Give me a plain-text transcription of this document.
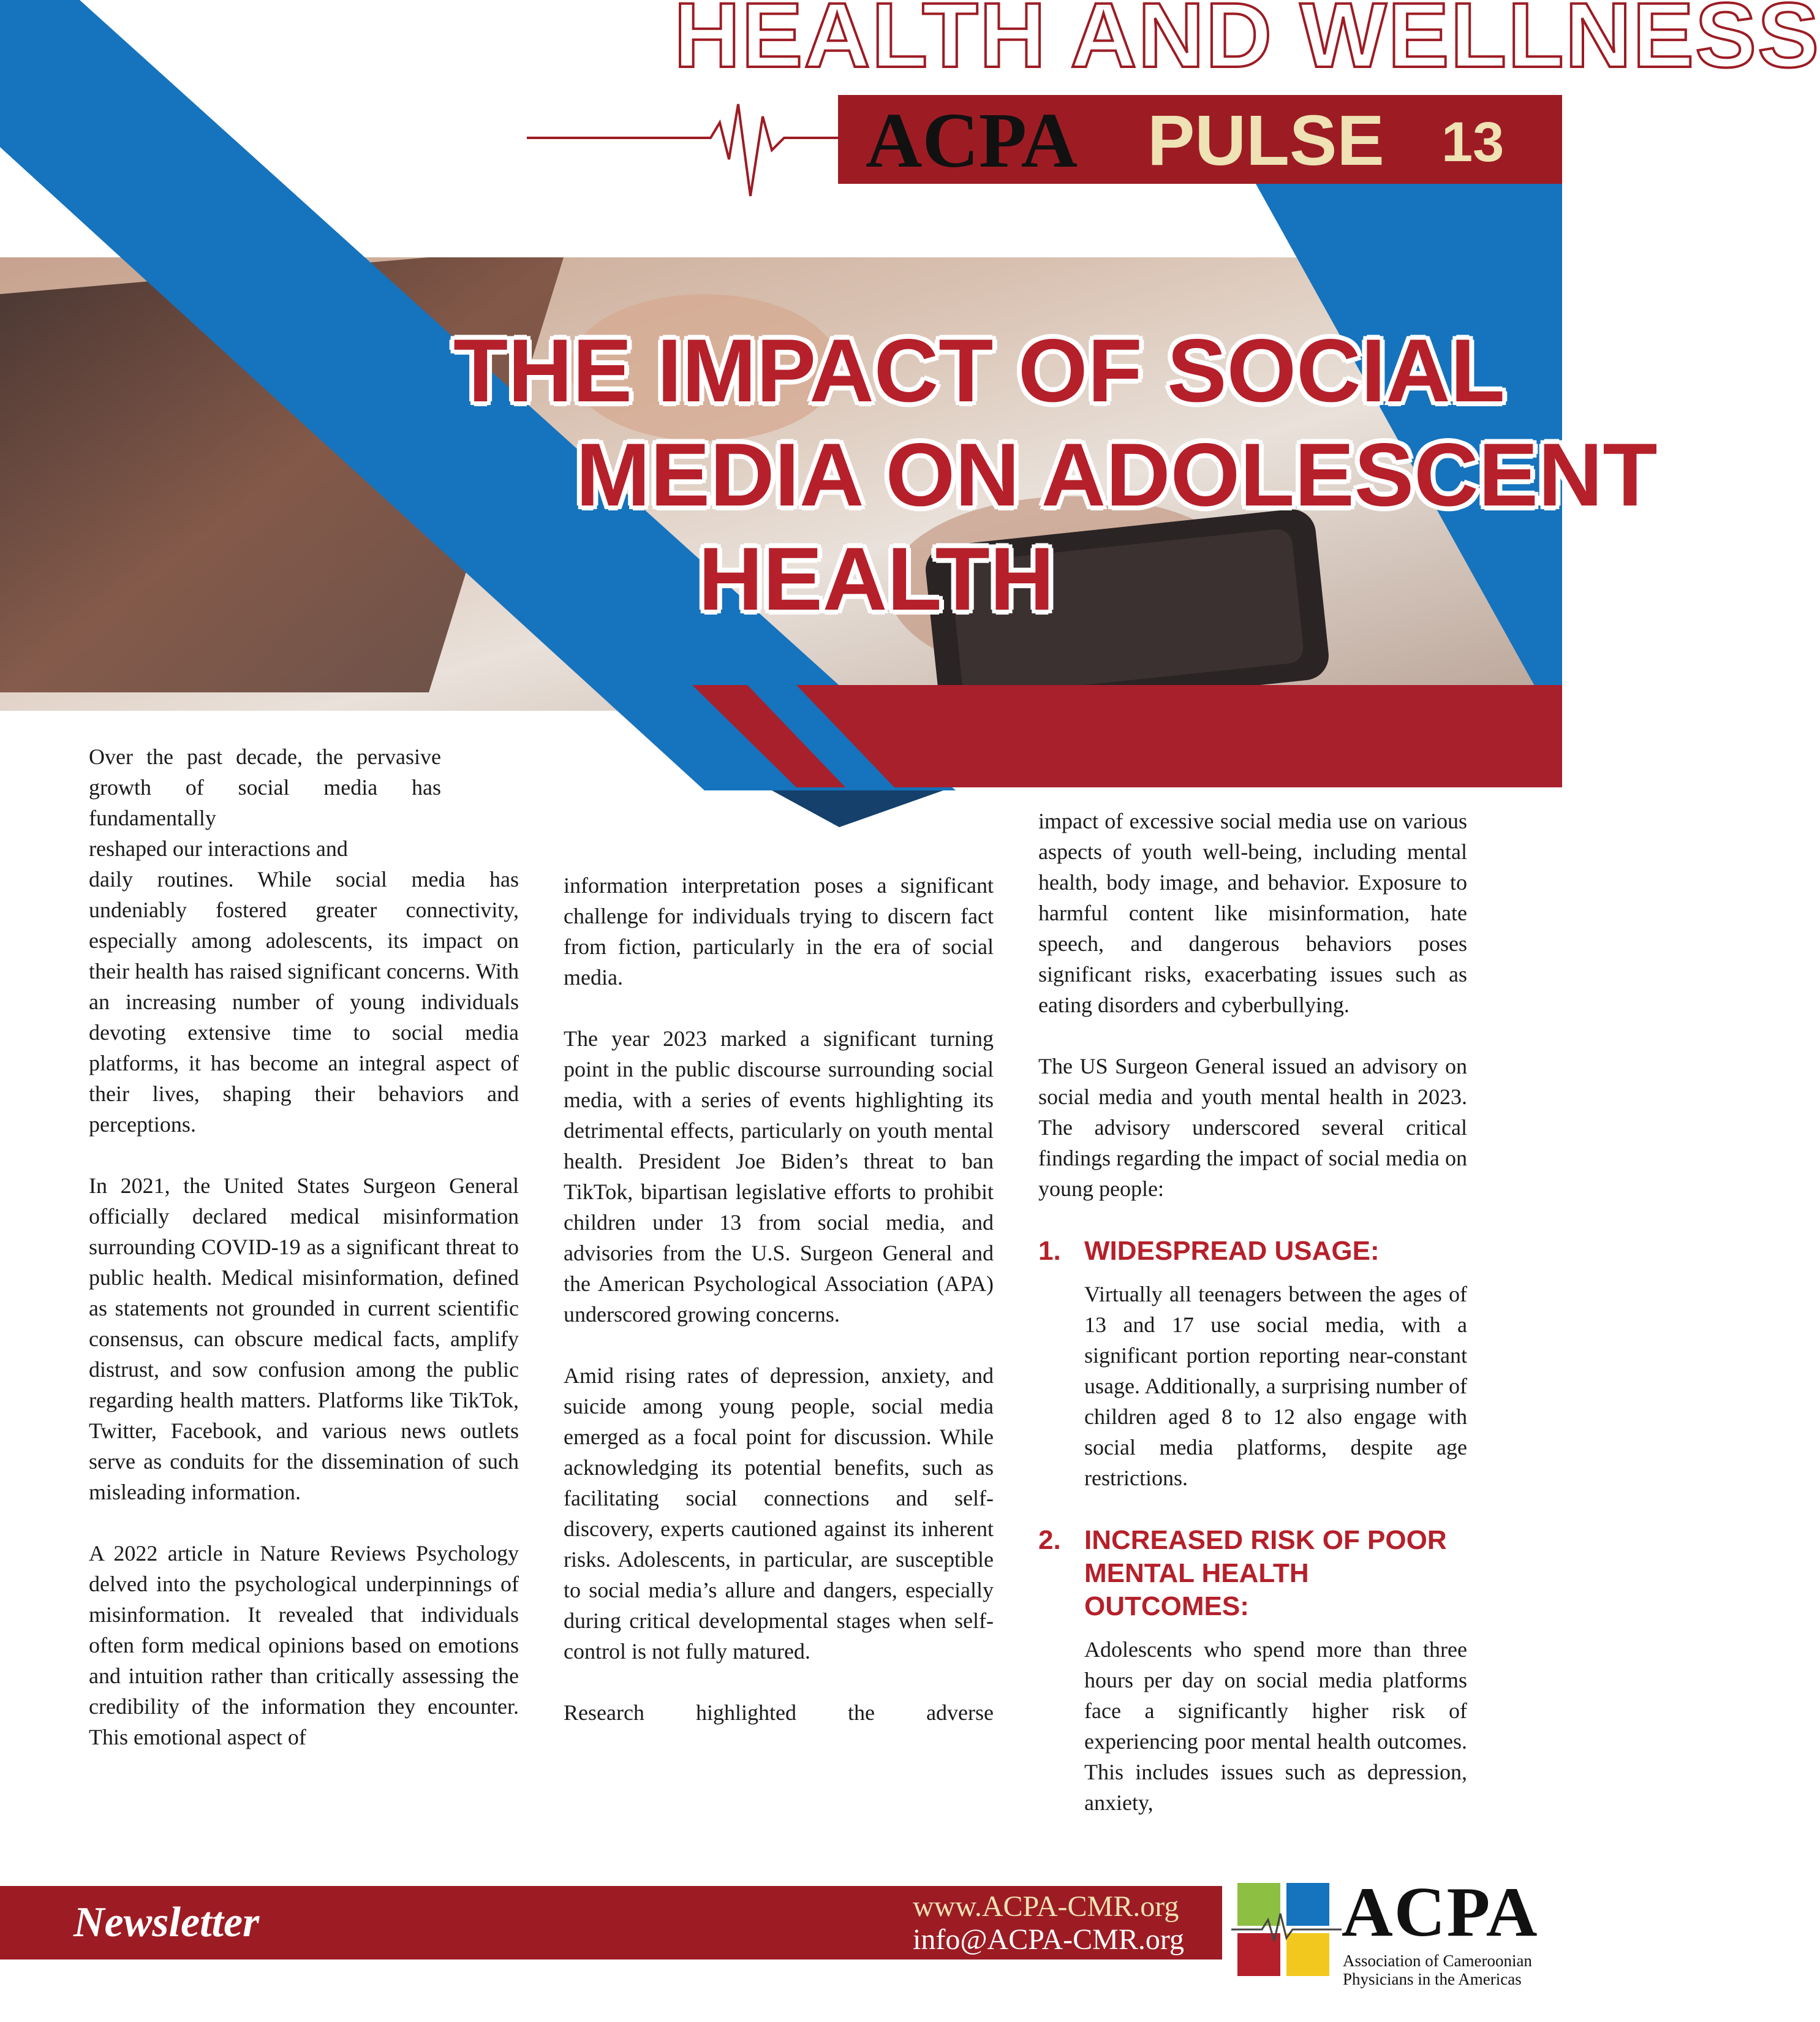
HEALTH AND WELLNESS
ACPA PULSE 13
THE IMPACT OF SOCIAL
MEDIA ON ADOLESCENT
HEALTH

Over the past decade, the pervasive growth of social media has fundamentally

reshaped our interactions and

daily routines. While social media has undeniably fostered greater connectivity, especially among adolescents, its impact on their health has raised significant concerns. With an increasing number of young individuals devoting extensive time to social media platforms, it has become an integral aspect of their lives, shaping their behaviors and perceptions.

In 2021, the United States Surgeon General officially declared medical misinformation surrounding COVID-19 as a significant threat to public health. Medical misinformation, defined as statements not grounded in current scientific consensus, can obscure medical facts, amplify distrust, and sow confusion among the public regarding health matters. Platforms like TikTok, Twitter, Facebook, and various news outlets serve as conduits for the dissemination of such misleading information.

A 2022 article in Nature Reviews Psychology delved into the psychological underpinnings of misinformation. It revealed that individuals often form medical opinions based on emotions and intuition rather than critically assessing the credibility of the information they encounter. This emotional aspect of

information interpretation poses a significant challenge for individuals trying to discern fact from fiction, particularly in the era of social media.

The year 2023 marked a significant turning point in the public discourse surrounding social media, with a series of events highlighting its detrimental effects, particularly on youth mental health. President Joe Biden’s threat to ban TikTok, bipartisan legislative efforts to prohibit children under 13 from social media, and advisories from the U.S. Surgeon General and the American Psychological Association (APA) underscored growing concerns.

Amid rising rates of depression, anxiety, and suicide among young people, social media emerged as a focal point for discussion. While acknowledging its potential benefits, such as facilitating social connections and self-discovery, experts cautioned against its inherent risks. Adolescents, in particular, are susceptible to social media’s allure and dangers, especially during critical developmental stages when self-control is not fully matured.

Research highlighted the adverse

impact of excessive social media use on various aspects of youth well-being, including mental health, body image, and behavior. Exposure to harmful content like misinformation, hate speech, and dangerous behaviors poses significant risks, exacerbating issues such as eating disorders and cyberbullying.

The US Surgeon General issued an advisory on social media and youth mental health in 2023. The advisory underscored several critical findings regarding the impact of social media on young people:

1. WIDESPREAD USAGE:

Virtually all teenagers between the ages of 13 and 17 use social media, with a significant portion reporting near-constant usage. Additionally, a surprising number of children aged 8 to 12 also engage with social media platforms, despite age restrictions.

2. INCREASED RISK OF POOR MENTAL HEALTH OUTCOMES:

Adolescents who spend more than three hours per day on social media platforms face a significantly higher risk of experiencing poor mental health outcomes. This includes issues such as depression, anxiety,

Newsletter	www.ACPA-CMR.org
info@ACPA-CMR.org ACPA
Association of Cameroonian
Physicians in the Americas
